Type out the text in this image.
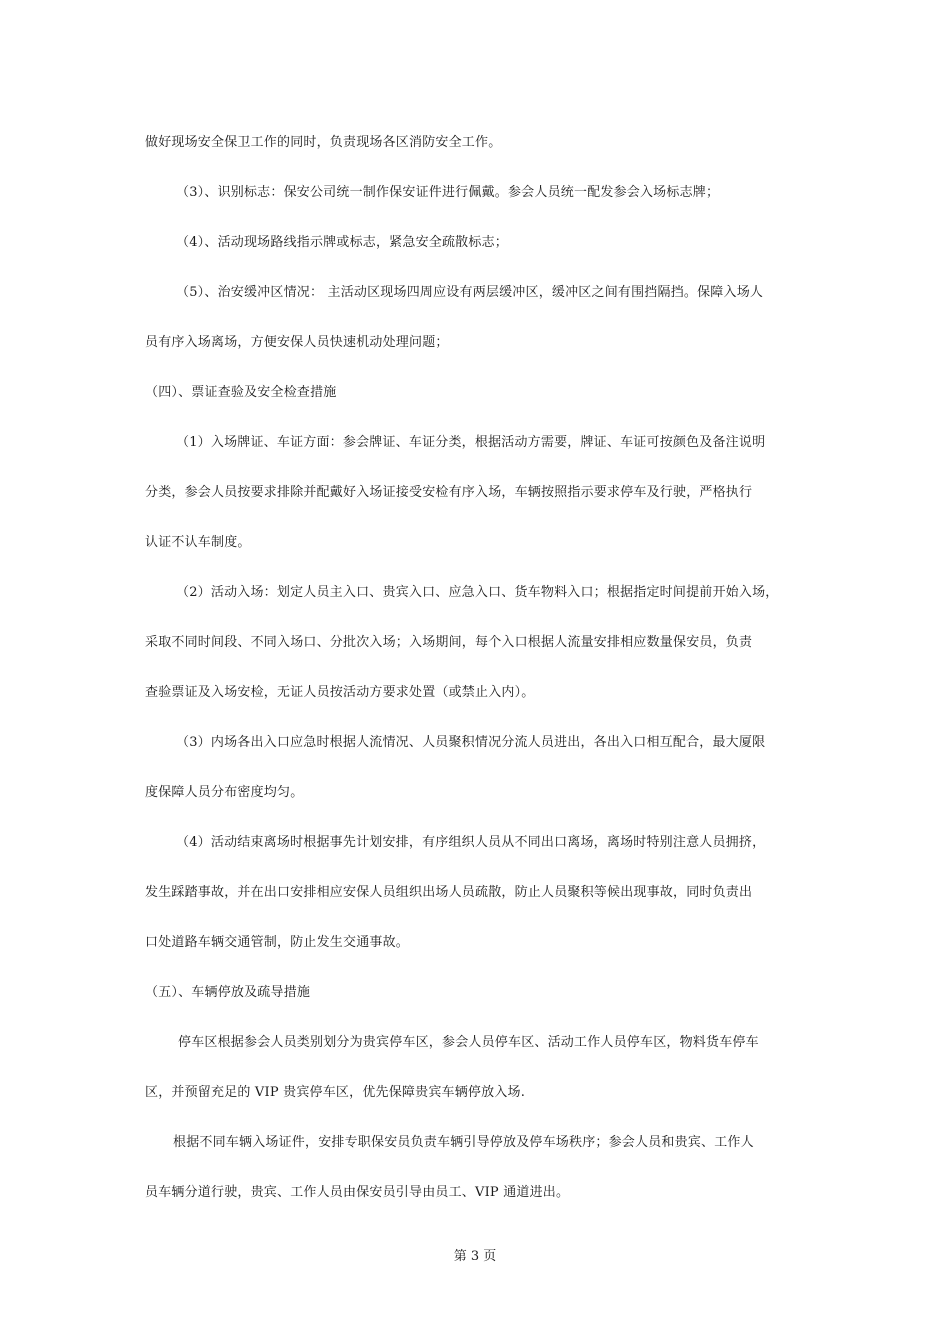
做好现场安全保卫工作的同时，负责现场各区消防安全工作。
（3）、识别标志：保安公司统一制作保安证件进行佩戴。参会人员统一配发参会入场标志牌；
（4）、活动现场路线指示牌或标志，紧急安全疏散标志；
（5）、治安缓冲区情况： 主活动区现场四周应设有两层缓冲区，缓冲区之间有围挡隔挡。保障入场人
员有序入场离场，方便安保人员快速机动处理问题；
（四）、票证查验及安全检查措施
（1）入场牌证、车证方面：参会牌证、车证分类，根据活动方需要，牌证、车证可按颜色及备注说明
分类，参会人员按要求排除并配戴好入场证接受安检有序入场，车辆按照指示要求停车及行驶，严格执行
认证不认车制度。
（2）活动入场：划定人员主入口、贵宾入口、应急入口、货车物料入口；根据指定时间提前开始入场，
采取不同时间段、不同入场口、分批次入场；入场期间，每个入口根据人流量安排相应数量保安员，负责
查验票证及入场安检，无证人员按活动方要求处置（或禁止入内）。
（3）内场各出入口应急时根据人流情况、人员聚积情况分流人员进出，各出入口相互配合，最大厦限
度保障人员分布密度均匀。
（4）活动结束离场时根据事先计划安排，有序组织人员从不同出口离场，离场时特别注意人员拥挤，
发生踩踏事故，并在出口安排相应安保人员组织出场人员疏散，防止人员聚积等候出现事故，同时负责出
口处道路车辆交通管制，防止发生交通事故。
（五）、车辆停放及疏导措施
停车区根据参会人员类别划分为贵宾停车区，参会人员停车区、活动工作人员停车区，物料货车停车
区，并预留充足的 VIP 贵宾停车区，优先保障贵宾车辆停放入场.
根据不同车辆入场证件，安排专职保安员负责车辆引导停放及停车场秩序；参会人员和贵宾、工作人
员车辆分道行驶，贵宾、工作人员由保安员引导由员工、VIP 通道进出。
第 3 页
